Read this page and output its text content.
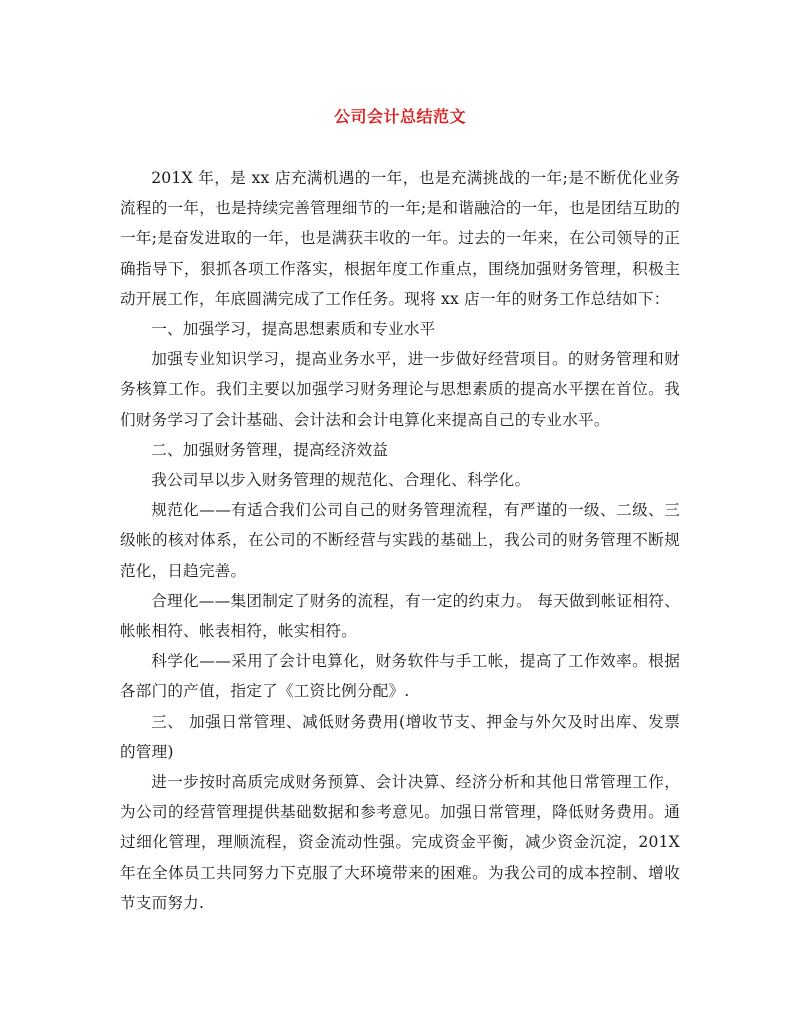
公司会计总结范文

201X 年，是 xx 店充满机遇的一年，也是充满挑战的一年;是不断优化业务流程的一年，也是持续完善管理细节的一年;是和谐融洽的一年，也是团结互助的一年;是奋发进取的一年，也是满获丰收的一年。过去的一年来，在公司领导的正确指导下，狠抓各项工作落实，根据年度工作重点，围绕加强财务管理，积极主动开展工作，年底圆满完成了工作任务。现将 xx 店一年的财务工作总结如下：

一、加强学习，提高思想素质和专业水平

加强专业知识学习，提高业务水平，进一步做好经营项目。的财务管理和财务核算工作。我们主要以加强学习财务理论与思想素质的提高水平摆在首位。我们财务学习了会计基础、会计法和会计电算化来提高自己的专业水平。

二、加强财务管理，提高经济效益

我公司早以步入财务管理的规范化、合理化、科学化。

规范化——有适合我们公司自己的财务管理流程，有严谨的一级、二级、三级帐的核对体系，在公司的不断经营与实践的基础上，我公司的财务管理不断规范化，日趋完善。

合理化——集团制定了财务的流程，有一定的约束力。 每天做到帐证相符、帐帐相符、帐表相符，帐实相符。

科学化——采用了会计电算化，财务软件与手工帐，提高了工作效率。根据各部门的产值，指定了《工资比例分配》.

三、 加强日常管理、减低财务费用(增收节支、押金与外欠及时出库、发票的管理)

进一步按时高质完成财务预算、会计决算、经济分析和其他日常管理工作，为公司的经营管理提供基础数据和参考意见。加强日常管理，降低财务费用。通过细化管理，理顺流程，资金流动性强。完成资金平衡，减少资金沉淀，201X 年在全体员工共同努力下克服了大环境带来的困难。为我公司的成本控制、增收节支而努力.
